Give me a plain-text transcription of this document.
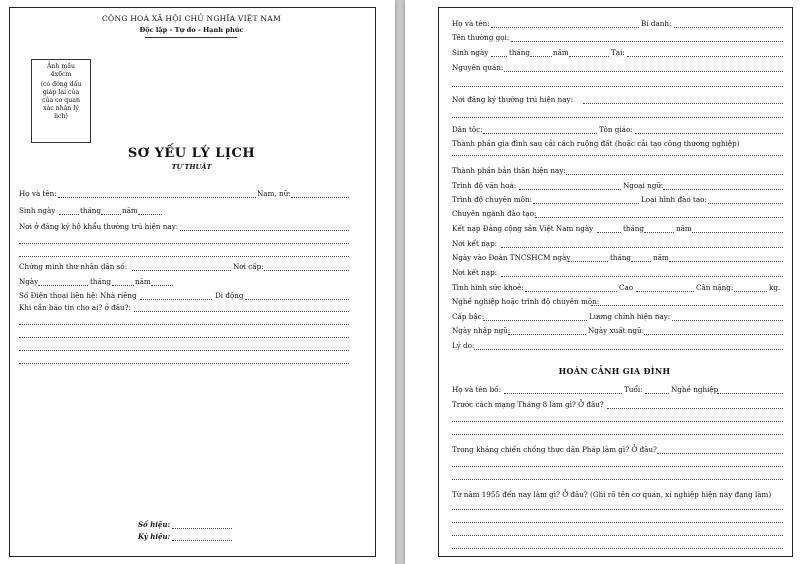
CỘNG HOÀ XÃ HỘI CHỦ NGHĨA VIỆT NAM
Độc lập - Tự do - Hạnh phúc
Ảnh mầu
4x6cm
(có đóng dấu
giáp lai của
của cơ quan
xác nhận lý
lịch)
SƠ YẾU LÝ LỊCH
TỰ THUẬT
Họ và tên:	Nam, nữ:
Sinh ngày	tháng	năm
Nơi ở đăng ký hộ khẩu thường trú hiện nay:
Chứng minh thư nhân dân số:	Nơi cấp:
Ngày	tháng	năm
Số Điện thoại liên hệ: Nhà riêng	Di động
Khi cần báo tin cho ai? ở đâu?:
Số hiệu:
Ký hiệu:
Họ và tên:	Bí danh:
Tên thường gọi:
Sinh ngày	tháng	năm	Tại:
Nguyên quán:
Nơi đăng ký thường trú hiện nay:
Dân tộc:	Tôn giáo:
Thành phần gia đình sau cải cách ruộng đất (hoặc cải tạo công thương nghiệp)
Thành phần bản thân hiện nay:
Trình độ văn hoá:	Ngoại ngữ:
Trình độ chuyên môn:	Loại hình đào tạo:
Chuyên ngành đào tạo:
Kết nạp Đảng cộng sản Việt Nam ngày	tháng	năm
Nơi kết nạp:
Ngày vào Đoàn TNCSHCM ngày	tháng	năm
Nơi kết nạp:
Tình hình sức khoẻ:	Cao	Cân nặng:	kg.
Nghề nghiệp hoặc trình độ chuyên môn:
Cấp bậc:	Lương chính hiện nay:
Ngày nhập ngũ:	Ngày xuất ngũ:
Lý do:
HOÀN CẢNH GIA ĐÌNH
Họ và tên bố:	Tuổi:	Nghề nghiệp
Trước cách mạng Tháng 8 làm gì? Ở đâu?
Trong kháng chiến chống thực dân Pháp làm gì? Ở đâu?
Từ năm 1955 đến nay làm gì? Ở đâu? (Ghi rõ tên cơ quan, xí nghiệp hiện nay đang làm)
